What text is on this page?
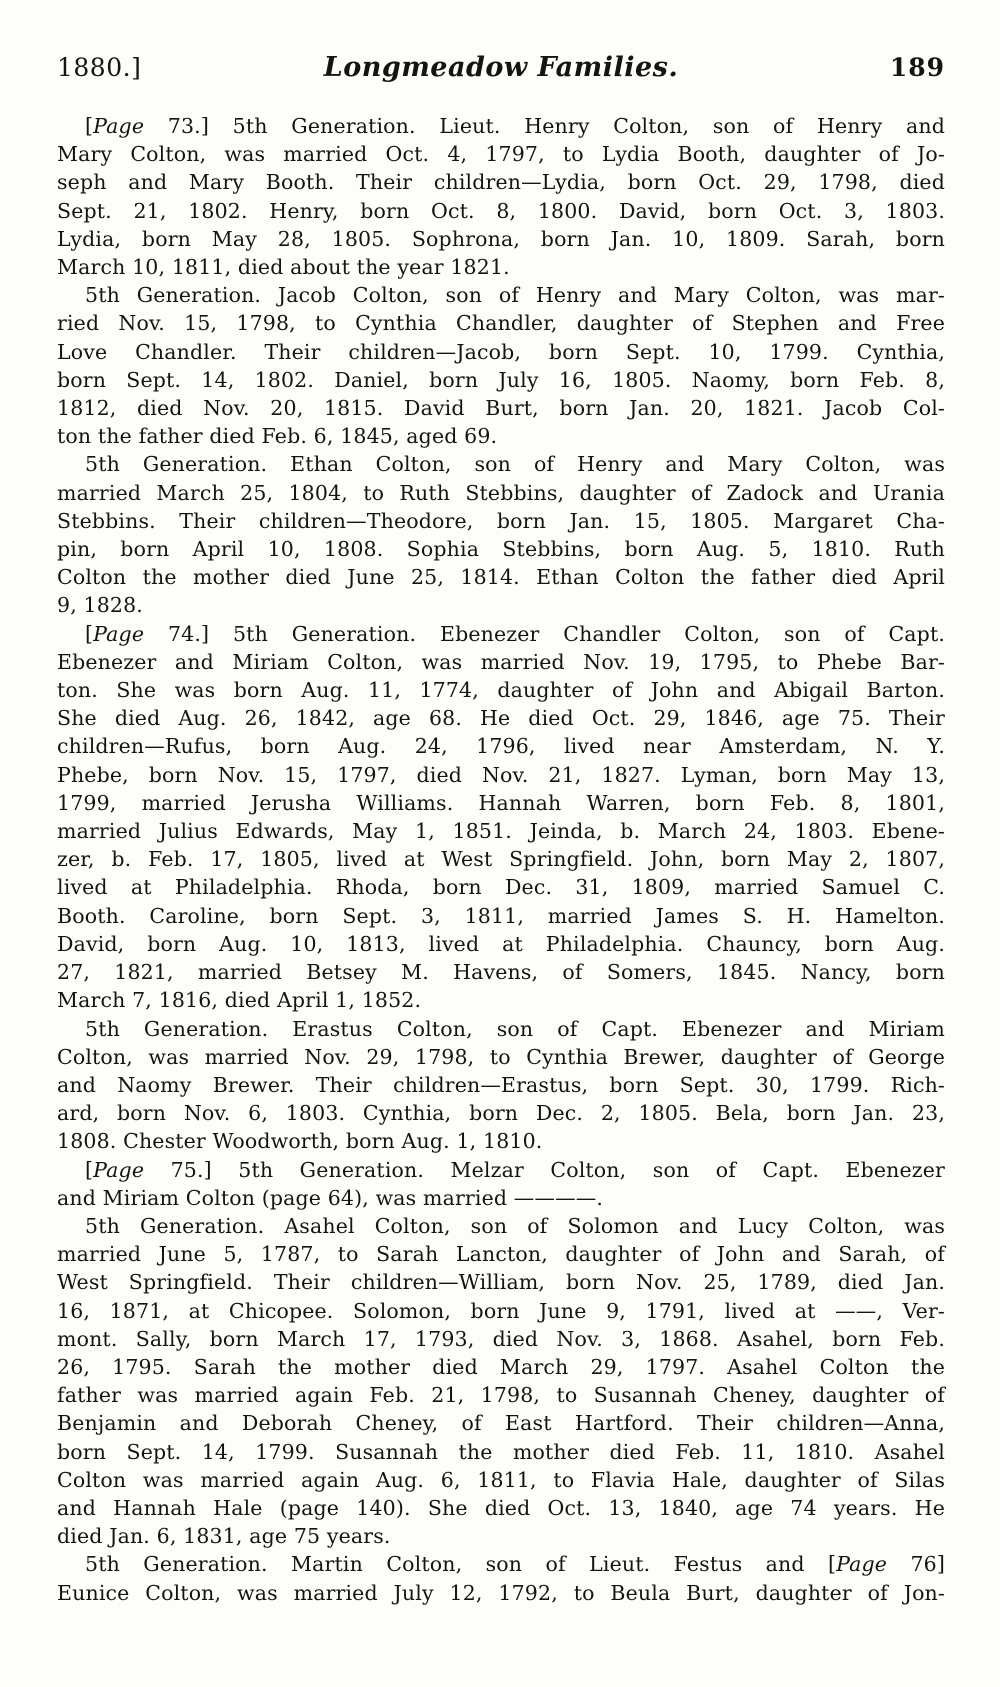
1880.]	Longmeadow Families.	189
[Page 73.] 5th Generation. Lieut. Henry Colton, son of Henry and
Mary Colton, was married Oct. 4, 1797, to Lydia Booth, daughter of Jo-
seph and Mary Booth. Their children—Lydia, born Oct. 29, 1798, died
Sept. 21, 1802. Henry, born Oct. 8, 1800. David, born Oct. 3, 1803.
Lydia, born May 28, 1805. Sophrona, born Jan. 10, 1809. Sarah, born
March 10, 1811, died about the year 1821.
5th Generation. Jacob Colton, son of Henry and Mary Colton, was mar-
ried Nov. 15, 1798, to Cynthia Chandler, daughter of Stephen and Free
Love Chandler. Their children—Jacob, born Sept. 10, 1799. Cynthia,
born Sept. 14, 1802. Daniel, born July 16, 1805. Naomy, born Feb. 8,
1812, died Nov. 20, 1815. David Burt, born Jan. 20, 1821. Jacob Col-
ton the father died Feb. 6, 1845, aged 69.
5th Generation. Ethan Colton, son of Henry and Mary Colton, was
married March 25, 1804, to Ruth Stebbins, daughter of Zadock and Urania
Stebbins. Their children—Theodore, born Jan. 15, 1805. Margaret Cha-
pin, born April 10, 1808. Sophia Stebbins, born Aug. 5, 1810. Ruth
Colton the mother died June 25, 1814. Ethan Colton the father died April
9, 1828.
[Page 74.] 5th Generation. Ebenezer Chandler Colton, son of Capt.
Ebenezer and Miriam Colton, was married Nov. 19, 1795, to Phebe Bar-
ton. She was born Aug. 11, 1774, daughter of John and Abigail Barton.
She died Aug. 26, 1842, age 68. He died Oct. 29, 1846, age 75. Their
children—Rufus, born Aug. 24, 1796, lived near Amsterdam, N. Y.
Phebe, born Nov. 15, 1797, died Nov. 21, 1827. Lyman, born May 13,
1799, married Jerusha Williams. Hannah Warren, born Feb. 8, 1801,
married Julius Edwards, May 1, 1851. Jeinda, b. March 24, 1803. Ebene-
zer, b. Feb. 17, 1805, lived at West Springfield. John, born May 2, 1807,
lived at Philadelphia. Rhoda, born Dec. 31, 1809, married Samuel C.
Booth. Caroline, born Sept. 3, 1811, married James S. H. Hamelton.
David, born Aug. 10, 1813, lived at Philadelphia. Chauncy, born Aug.
27, 1821, married Betsey M. Havens, of Somers, 1845. Nancy, born
March 7, 1816, died April 1, 1852.
5th Generation. Erastus Colton, son of Capt. Ebenezer and Miriam
Colton, was married Nov. 29, 1798, to Cynthia Brewer, daughter of George
and Naomy Brewer. Their children—Erastus, born Sept. 30, 1799. Rich-
ard, born Nov. 6, 1803. Cynthia, born Dec. 2, 1805. Bela, born Jan. 23,
1808. Chester Woodworth, born Aug. 1, 1810.
[Page 75.] 5th Generation. Melzar Colton, son of Capt. Ebenezer
and Miriam Colton (page 64), was married ————.
5th Generation. Asahel Colton, son of Solomon and Lucy Colton, was
married June 5, 1787, to Sarah Lancton, daughter of John and Sarah, of
West Springfield. Their children—William, born Nov. 25, 1789, died Jan.
16, 1871, at Chicopee. Solomon, born June 9, 1791, lived at ——, Ver-
mont. Sally, born March 17, 1793, died Nov. 3, 1868. Asahel, born Feb.
26, 1795. Sarah the mother died March 29, 1797. Asahel Colton the
father was married again Feb. 21, 1798, to Susannah Cheney, daughter of
Benjamin and Deborah Cheney, of East Hartford. Their children—Anna,
born Sept. 14, 1799. Susannah the mother died Feb. 11, 1810. Asahel
Colton was married again Aug. 6, 1811, to Flavia Hale, daughter of Silas
and Hannah Hale (page 140). She died Oct. 13, 1840, age 74 years. He
died Jan. 6, 1831, age 75 years.
5th Generation. Martin Colton, son of Lieut. Festus and [Page 76]
Eunice Colton, was married July 12, 1792, to Beula Burt, daughter of Jon-
